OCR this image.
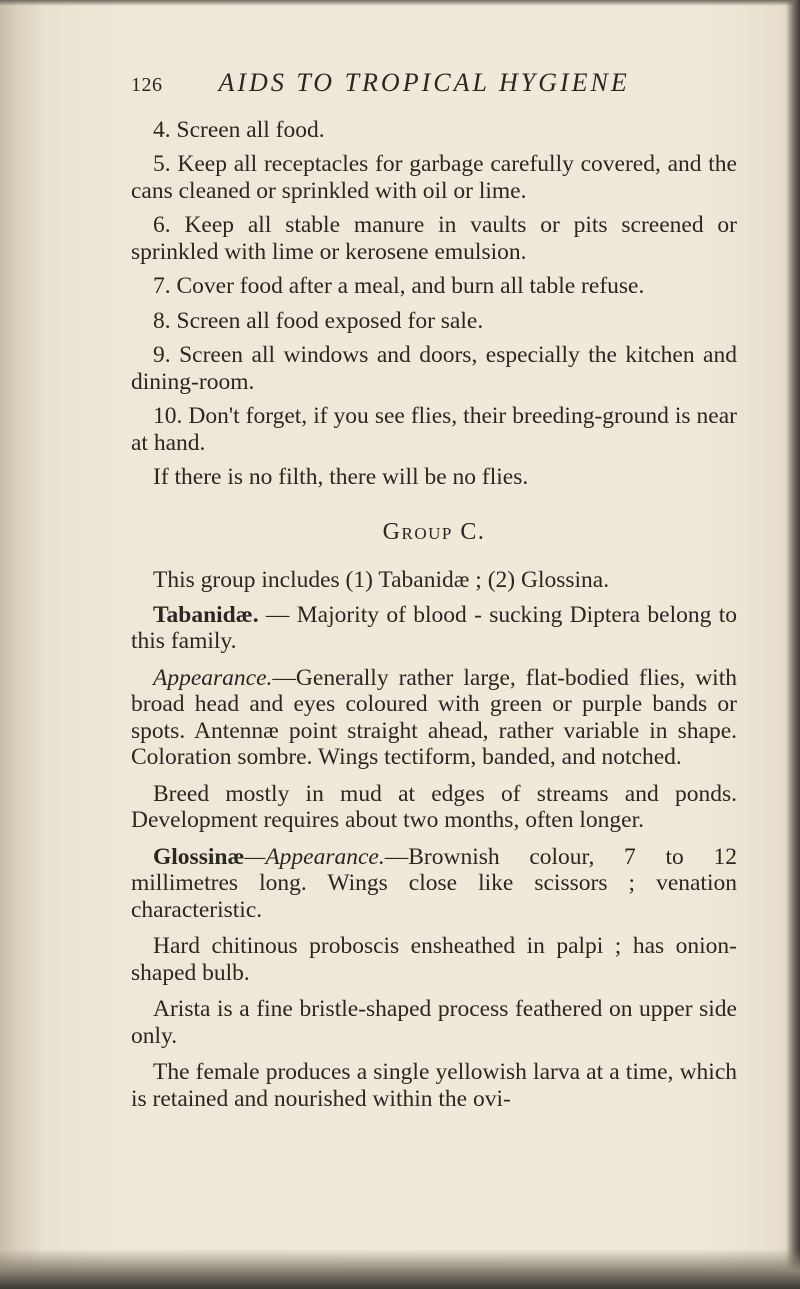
126 AIDS TO TROPICAL HYGIENE

4. Screen all food.

5. Keep all receptacles for garbage carefully covered, and the cans cleaned or sprinkled with oil or lime.

6. Keep all stable manure in vaults or pits screened or sprinkled with lime or kerosene emulsion.

7. Cover food after a meal, and burn all table refuse.

8. Screen all food exposed for sale.

9. Screen all windows and doors, especially the kitchen and dining-room.

10. Don't forget, if you see flies, their breeding-ground is near at hand.

If there is no filth, there will be no flies.

Group C.

This group includes (1) Tabanidæ ; (2) Glossina.

Tabanidæ. — Majority of blood - sucking Diptera belong to this family.

Appearance.—Generally rather large, flat-bodied flies, with broad head and eyes coloured with green or purple bands or spots. Antennæ point straight ahead, rather variable in shape. Coloration sombre. Wings tectiform, banded, and notched.

Breed mostly in mud at edges of streams and ponds. Development requires about two months, often longer.

Glossinæ—Appearance.—Brownish colour, 7 to 12 millimetres long. Wings close like scissors ; venation characteristic.

Hard chitinous proboscis ensheathed in palpi ; has onion-shaped bulb.

Arista is a fine bristle-shaped process feathered on upper side only.

The female produces a single yellowish larva at a time, which is retained and nourished within the ovi-
